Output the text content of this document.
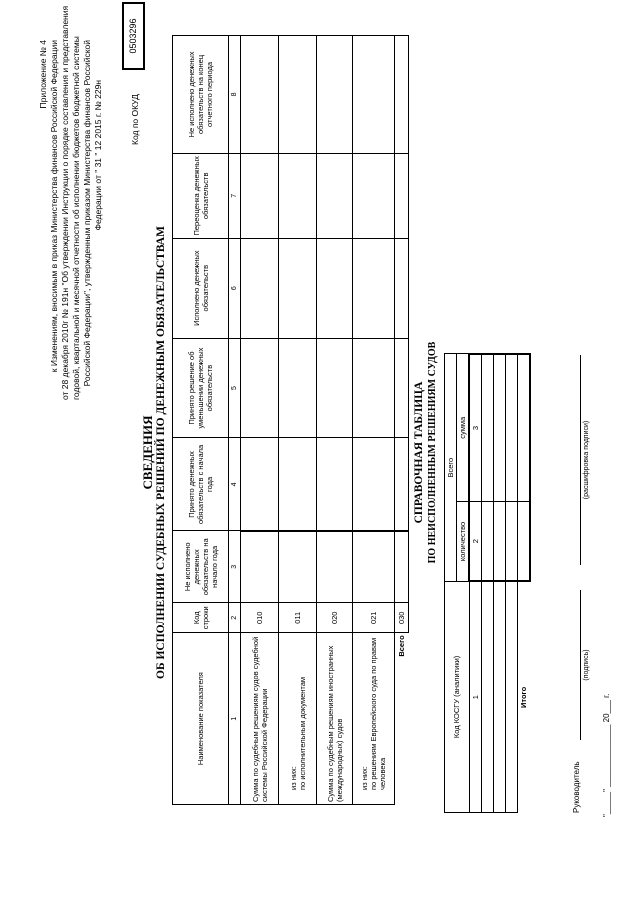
Приложение № 4 к Изменениям, вносимым в приказ Министерства финансов Российской Федерации от 28 декабря 2010г № 191н "Об утверждении Инструкции о порядке составления и представления годовой, квартальной и месячной отчетности об исполнении бюджетов бюджетной системы Российской Федерации", утвержденным приказом Министерства финансов Российской Федерации от " 31 " 12 2015 г. № 229н	Код по ОКУД
0503296
СВЕДЕНИЯ ОБ ИСПОЛНЕНИИ СУДЕБНЫХ РЕШЕНИЙ ПО ДЕНЕЖНЫМ ОБЯЗАТЕЛЬСТВАМ
Наименование показателя	Код строки	Не исполнено денежных обязательств на начало года	Принято денежных обязательств с начала года	Принято решение об уменьшении денежных обязательств	Исполнено денежных обязательств	Переоценка денежных обязательств	Не исполнено денежных обязательств на конец отчетного периода
1	2	3	4	5	6	7	8
Сумма по судебным решениям судов судебной системы Российской Федерации	010						
из них:
по исполнительным документам	011						
Сумма по судебным решениям иностранных (международных) судов	020						
из них:
по решениям Европейского суда по правам человека	021						
Всего	030						
СПРАВОЧНАЯ ТАБЛИЦА ПО НЕИСПОЛНЕННЫМ РЕШЕНИЯМ СУДОВ
Код КОСГУ (аналитики)	Всего	
	количество	сумма
1	2	3

Итого		
Руководитель
(подпись)
(расшифровка подписи)
"_____" ______________ 20___ г.
